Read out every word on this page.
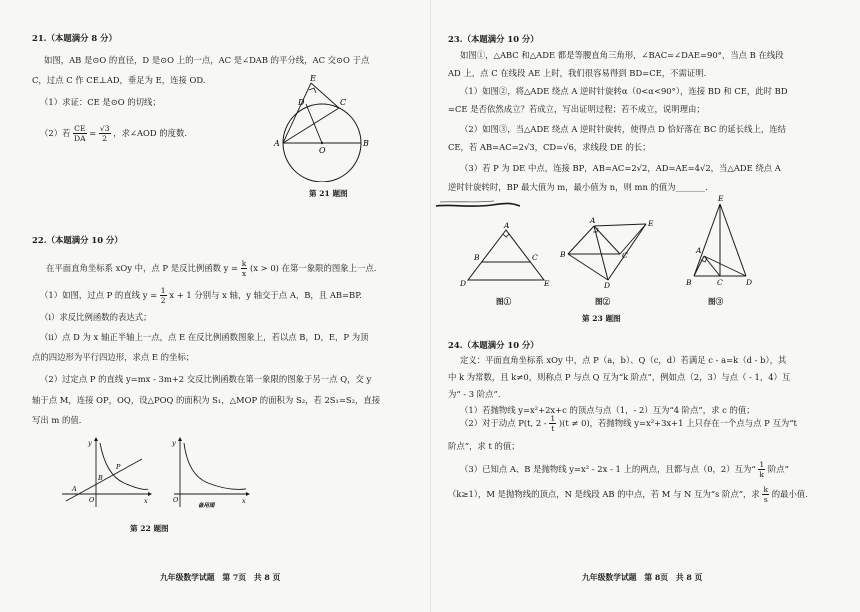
21.（本题满分 8 分）
如图，AB 是⊙O 的直径，D 是⊙O 上的一点，AC 是∠DAB 的平分线，AC 交⊙O 于点
C，过点 C 作 CE⊥AD，垂足为 E，连接 OD.
（1）求证：CE 是⊙O 的切线；
（2）若 $\frac{CE}{DA} = \frac{√3}{2}$ ，求∠AOD 的度数.
E
D	C
A
O
B
第 21 题图
22.（本题满分 10 分）
在平面直角坐标系 xOy 中，点 P 是反比例函数 $y = \frac{k}{x} (x > 0)$ 在第一象限的图象上一点.
（1）如图，过点 P 的直线 $y = \frac{1}{2}$ x + 1 分别与 x 轴，y 轴交于点 A，B，且 AB=BP.
（i）求反比例函数的表达式；
（ii）点 D 为 x 轴正半轴上一点，点 E 在反比例函数图象上，若以点 B，D，E，P 为顶
点的四边形为平行四边形，求点 E 的坐标；
（2）过定点 P 的直线 y=mx - 3m+2 交反比例函数在第一象限的图象于另一点 Q，交 y
轴于点 M，连接 OP，OQ，设△POQ 的面积为 S₁，△MOP 的面积为 S₂，若 2S₁=S₂，直接
写出 m 的值.
y
B
P
A
O	x
y
O	x
备用图
第 22 题图
九年级数学试题　第 7页　共 8 页
23.（本题满分 10 分）
如图①，△ABC 和△ADE 都是等腰直角三角形，∠BAC=∠DAE=90°，当点 B 在线段
AD 上，点 C 在线段 AE 上时，我们很容易得到 BD=CE，不需证明.
（1）如图②，将△ADE 绕点 A 逆时针旋转α（0<α<90°），连接 BD 和 CE，此时 BD
=CE 是否依然成立？若成立，写出证明过程；若不成立，说明理由；
（2）如图③，当△ADE 绕点 A 逆时针旋转，使得点 D 恰好落在 BC 的延长线上，连结
CE，若 AB=AC=2√3，CD=√6，求线段 DE 的长；
（3）若 P 为 DE 中点，连接 BP，AB=AC=2√2，AD=AE=4√2，当△ADE 绕点 A
逆时针旋转时，BP 最大值为 m，最小值为 n，则 mn 的值为_______.
A
B	C
D	E
图①
A
B	C
D
E
图②
E
A
B	C	D
图③
第 23 题图
24.（本题满分 10 分）
定义：平面直角坐标系 xOy 中，点 P（a，b）、Q（c，d）若满足 c - a=k（d - b），其
中 k 为常数，且 k≠0，则称点 P 与点 Q 互为“k 阶点”，例如点（2，3）与点（ - 1，4）互
为“ - 3 阶点”.
（1）若抛物线 y=x²+2x+c 的顶点与点（1，- 2）互为“4 阶点”，求 c 的值；
（2）对于动点 P(t, $2 - \frac{1}{t} )(t \ne 0)$，若抛物线 y=x²+3x+1 上只存在一个点与点 P 互为“t
阶点”，求 t 的值；
（3）已知点 A、B 是抛物线 y=x² - 2x - 1 上的两点，且都与点（0，2）互为“ $\frac{1}{k}$ 阶点”
（k≥1），M 是抛物线的顶点，N 是线段 AB 的中点，若 M 与 N 互为“s 阶点”，求 $\frac{k}{s}$ 的最小值.
九年级数学试题　第 8页　共 8 页
